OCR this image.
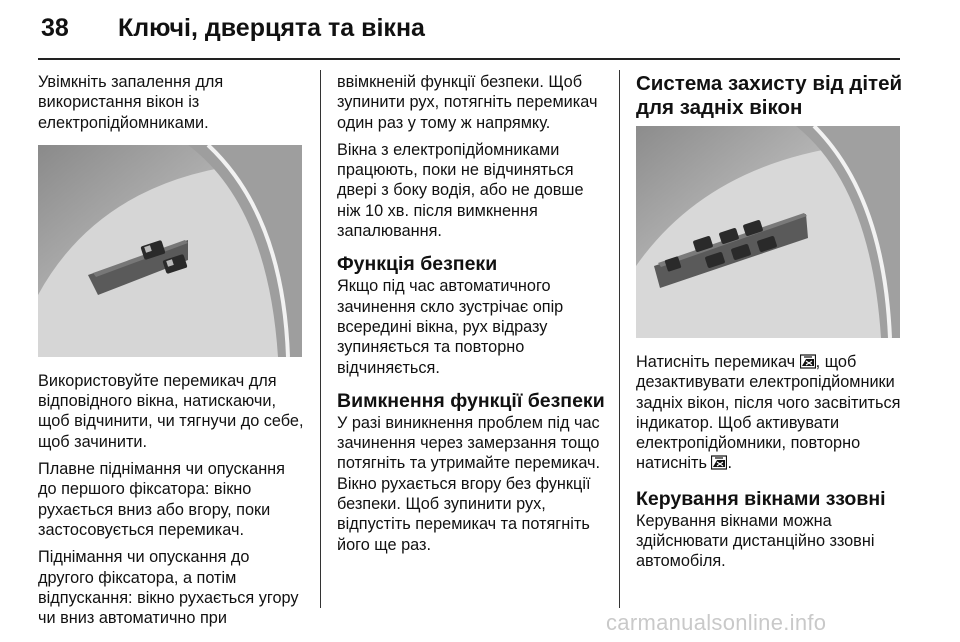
38 Ключі, дверцята та вікна

Увімкніть запалення для використання вікон із електропідйомниками.

Використовуйте перемикач для відповідного вікна, натискаючи, щоб відчинити, чи тягнучи до себе, щоб зачинити.

Плавне піднімання чи опускання до першого фіксатора: вікно рухається вниз або вгору, поки застосовується перемикач.

Піднімання чи опускання до другого фіксатора, а потім відпускання: вікно рухається угору чи вниз автоматично при

ввімкненій функції безпеки. Щоб зупинити рух, потягніть перемикач один раз у тому ж напрямку.

Вікна з електропідйомниками працюють, поки не відчиняться двері з боку водія, або не довше ніж 10 хв. після вимкнення запалювання.

Функція безпеки

Якщо під час автоматичного зачинення скло зустрічає опір всередині вікна, рух відразу зупиняється та повторно відчиняється.

Вимкнення функції безпеки

У разі виникнення проблем під час зачинення через замерзання тощо потягніть та утримайте перемикач. Вікно рухається вгору без функції безпеки. Щоб зупинити рух, відпустіть перемикач та потягніть його ще раз.

Система захисту від дітей для задніх вікон

Натисніть перемикач , щоб дезактивувати електропідйомники задніх вікон, після чого засвітиться індикатор. Щоб активувати електропідйомники, повторно натисніть .

Керування вікнами ззовні

Керування вікнами можна здійснювати дистанційно ззовні автомобіля.

carmanualsonline.info
